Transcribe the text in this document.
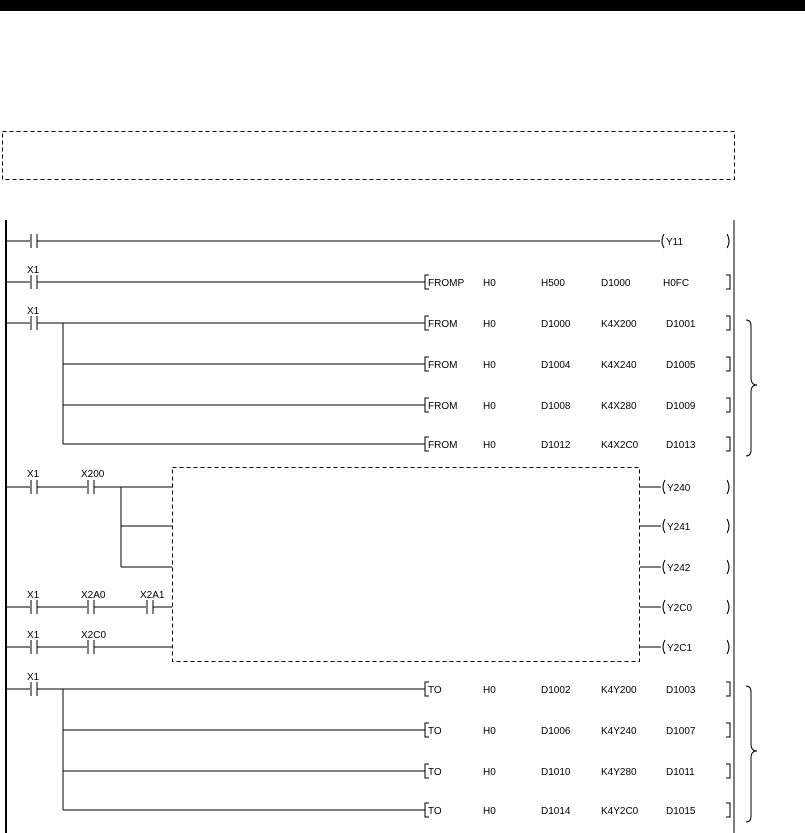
Y11
X1
FROMP H0	H500	D1000	H0FC
X1
FROM	H0	D1000	K4X200	D1001
FROM	H0	D1004	K4X240	D1005
FROM	H0	D1008	K4X280	D1009
FROM	H0	D1012	K4X2C0	D1013
X1	X200
Y240
Y241
Y242
X1	X2A0	X2A1
Y2C0
X1	X2C0
Y2C1
X1
TO	H0	D1002	K4Y200	D1003
TO	H0	D1006	K4Y240	D1007
TO	H0	D1010	K4Y280	D1011
TO	H0	D1014	K4Y2C0	D1015
